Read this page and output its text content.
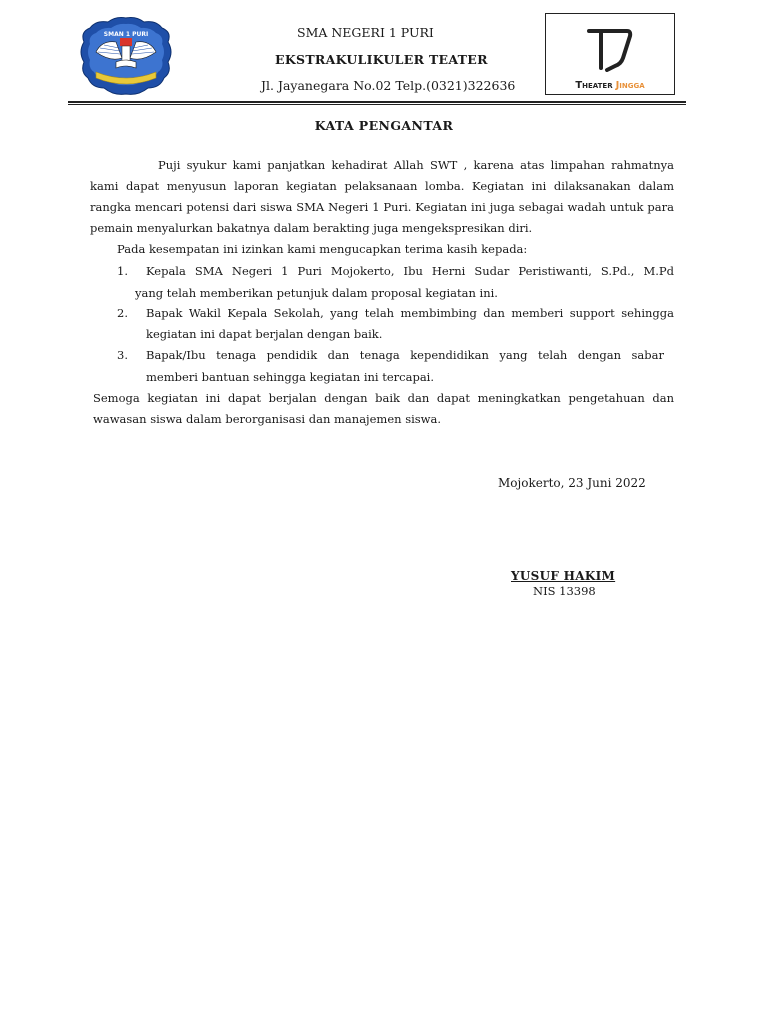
SMAN 1 PURI	SMA NEGERI 1 PURI
EKSTRAKULIKULER TEATER
Jl. Jayanegara No.02 Telp.(0321)322636	Theater Jingga
KATA PENGANTAR
Puji syukur kami panjatkan kehadirat Allah SWT , karena atas limpahan rahmatnya kami dapat menyusun laporan kegiatan pelaksanaan lomba. Kegiatan ini dilaksanakan dalam rangka mencari potensi dari siswa SMA Negeri 1 Puri. Kegiatan ini juga sebagai wadah untuk para pemain menyalurkan bakatnya dalam berakting juga mengekspresikan diri.
Pada kesempatan ini izinkan kami mengucapkan terima kasih kepada:
1. Kepala SMA Negeri 1 Puri Mojokerto, Ibu Herni Sudar Peristiwanti, S.Pd., M.Pd
yang telah memberikan petunjuk dalam proposal kegiatan ini.
2. Bapak Wakil Kepala Sekolah, yang telah membimbing dan memberi support sehingga
kegiatan ini dapat berjalan dengan baik.
3. Bapak/Ibu tenaga pendidik dan tenaga kependidikan yang telah dengan sabar
memberi bantuan sehingga kegiatan ini tercapai.
Semoga kegiatan ini dapat berjalan dengan baik dan dapat meningkatkan pengetahuan dan wawasan siswa dalam berorganisasi dan manajemen siswa.
Mojokerto, 23 Juni 2022
YUSUF HAKIM
NIS 13398
